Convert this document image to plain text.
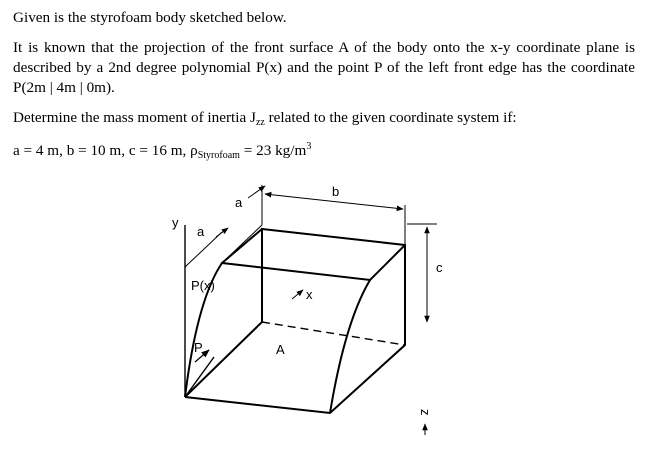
Given is the styrofoam body sketched below.

It is known that the projection of the front surface A of the body onto the x-y coordinate plane is described by a 2nd degree polynomial P(x) and the point P of the left front edge has the coordinate P(2m | 4m | 0m).

Determine the mass moment of inertia Jzz related to the given coordinate system if:

a = 4 m, b = 10 m, c = 16 m, ρStyrofoam = 23 $kg/m^3$

a
a
b
c
y
x
z
P(x)
P	A
